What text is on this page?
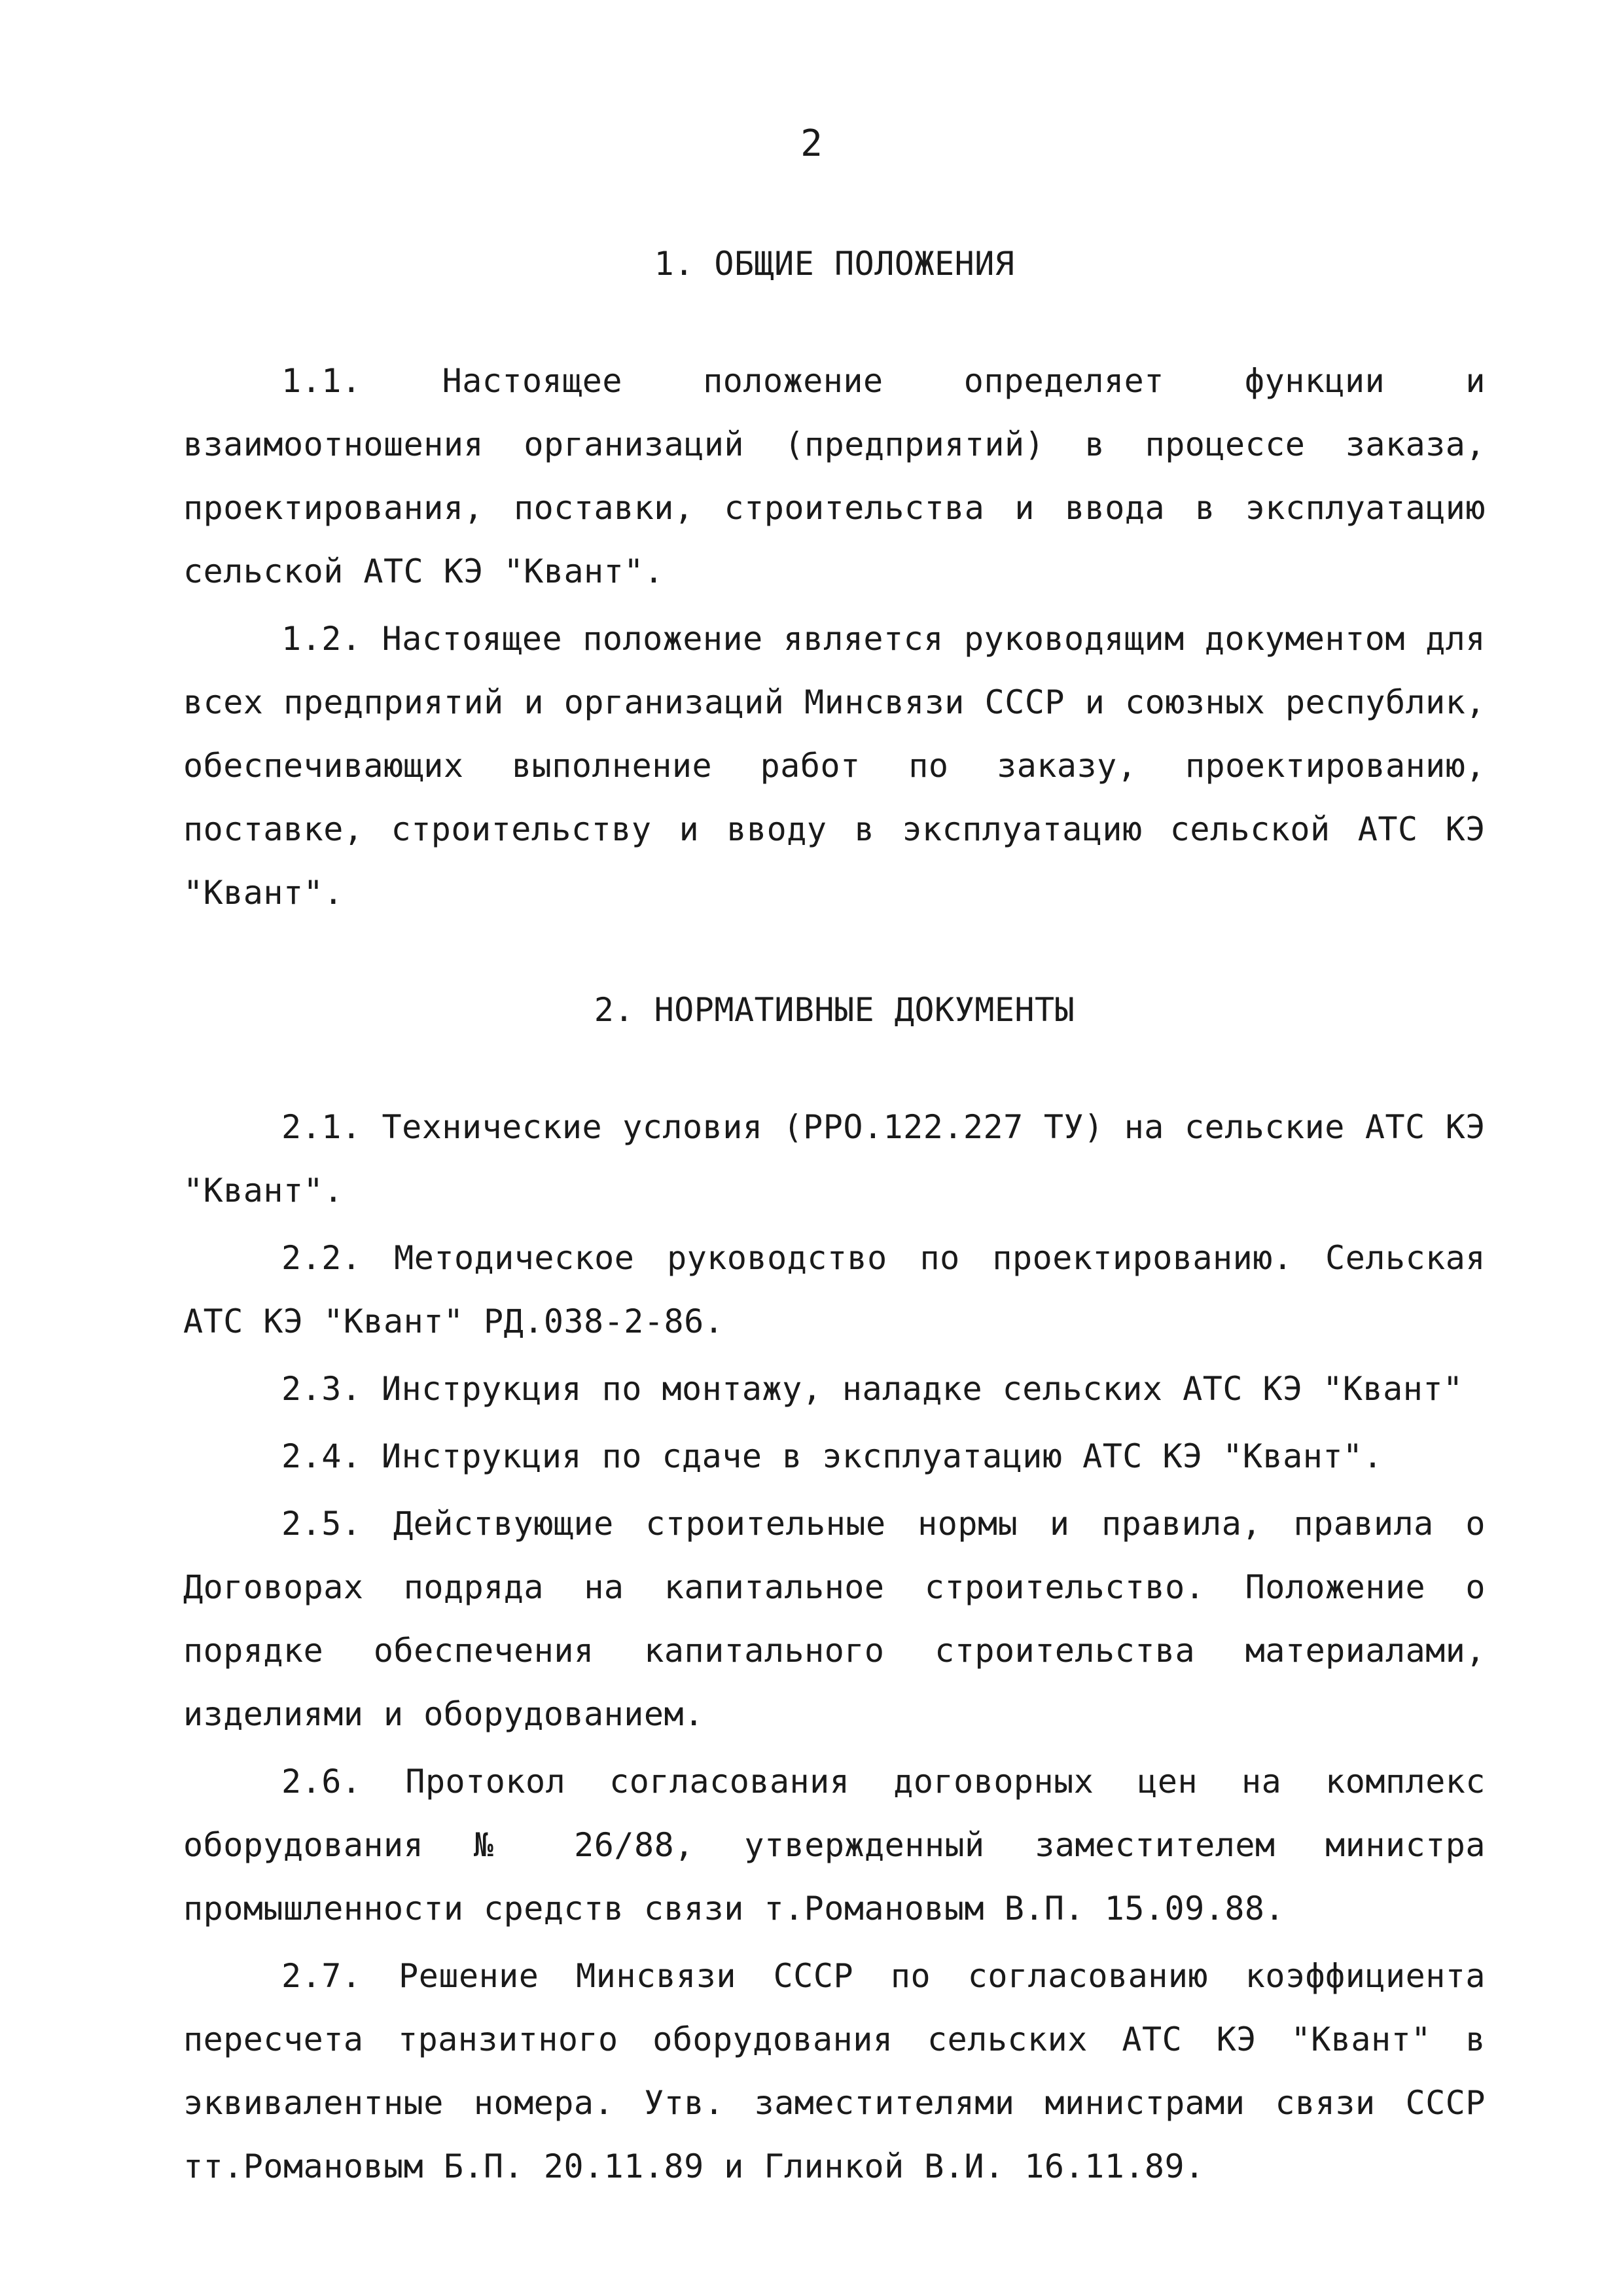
2
1. ОБЩИЕ ПОЛОЖЕНИЯ

1.1. Настоящее положение определяет функции и взаимоотношения организаций (предприятий) в процессе заказа, проектирования, поставки, строительства и ввода в эксплуатацию сельской АТС КЭ "Квант".

1.2. Настоящее положение является руководящим документом для всех предприятий и организаций Минсвязи СССР и союзных республик, обеспечивающих выполнение работ по заказу, проектированию, поставке, строительству и вводу в эксплуатацию сельской АТС КЭ "Квант".

2. НОРМАТИВНЫЕ ДОКУМЕНТЫ

2.1. Технические условия (РРО.122.227 ТУ) на сельские АТС КЭ "Квант".

2.2. Методическое руководство по проектированию. Сельская АТС КЭ "Квант" РД.038-2-86.

2.3. Инструкция по монтажу, наладке сельских АТС КЭ "Квант"

2.4. Инструкция по сдаче в эксплуатацию АТС КЭ "Квант".

2.5. Действующие строительные нормы и правила, правила о Договорах подряда на капитальное строительство. Положение о порядке обеспечения капитального строительства материалами, изделиями и оборудованием.

2.6. Протокол согласования договорных цен на комплекс оборудования № 26/88, утвержденный заместителем министра промышленности средств связи т.Романовым В.П. 15.09.88.

2.7. Решение Минсвязи СССР по согласованию коэффициента пересчета транзитного оборудования сельских АТС КЭ "Квант" в эквивалентные номера. Утв. заместителями министрами связи СССР тт.Романовым Б.П. 20.11.89 и Глинкой В.И. 16.11.89.
